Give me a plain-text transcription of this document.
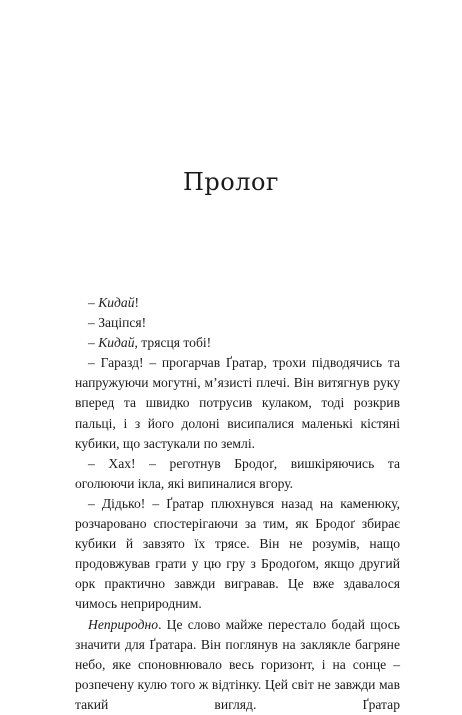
Пролог

– Кидай!

– Заціпся!

– Кидай, трясця тобі!

– Гаразд! – прогарчав Ґратар, трохи підводячись та напружуючи могутні, м’язисті плечі. Він витягнув руку вперед та швидко потрусив кулаком, тоді розкрив пальці, і з його долоні висипалися маленькі кістяні кубики, що застукали по землі.

– Хах! – реготнув Бродоґ, вишкіряючись та оголюючи ікла, які випиналися вгору.

– Дідько! – Ґратар плюхнувся назад на каменюку, розчаровано спостерігаючи за тим, як Бродоґ збирає кубики й завзято їх трясе. Він не розумів, нащо продовжував грати у цю гру з Бродоґом, якщо другий орк практично завжди вигравав. Це вже здавалося чимось неприродним.

Неприродно. Це слово майже перестало бодай щось значити для Ґратара. Він поглянув на заклякле багряне небо, яке споновнювало весь горизонт, і на сонце – розпечену кулю того ж відтінку. Цей світ не завжди мав такий вигляд. Ґратар
